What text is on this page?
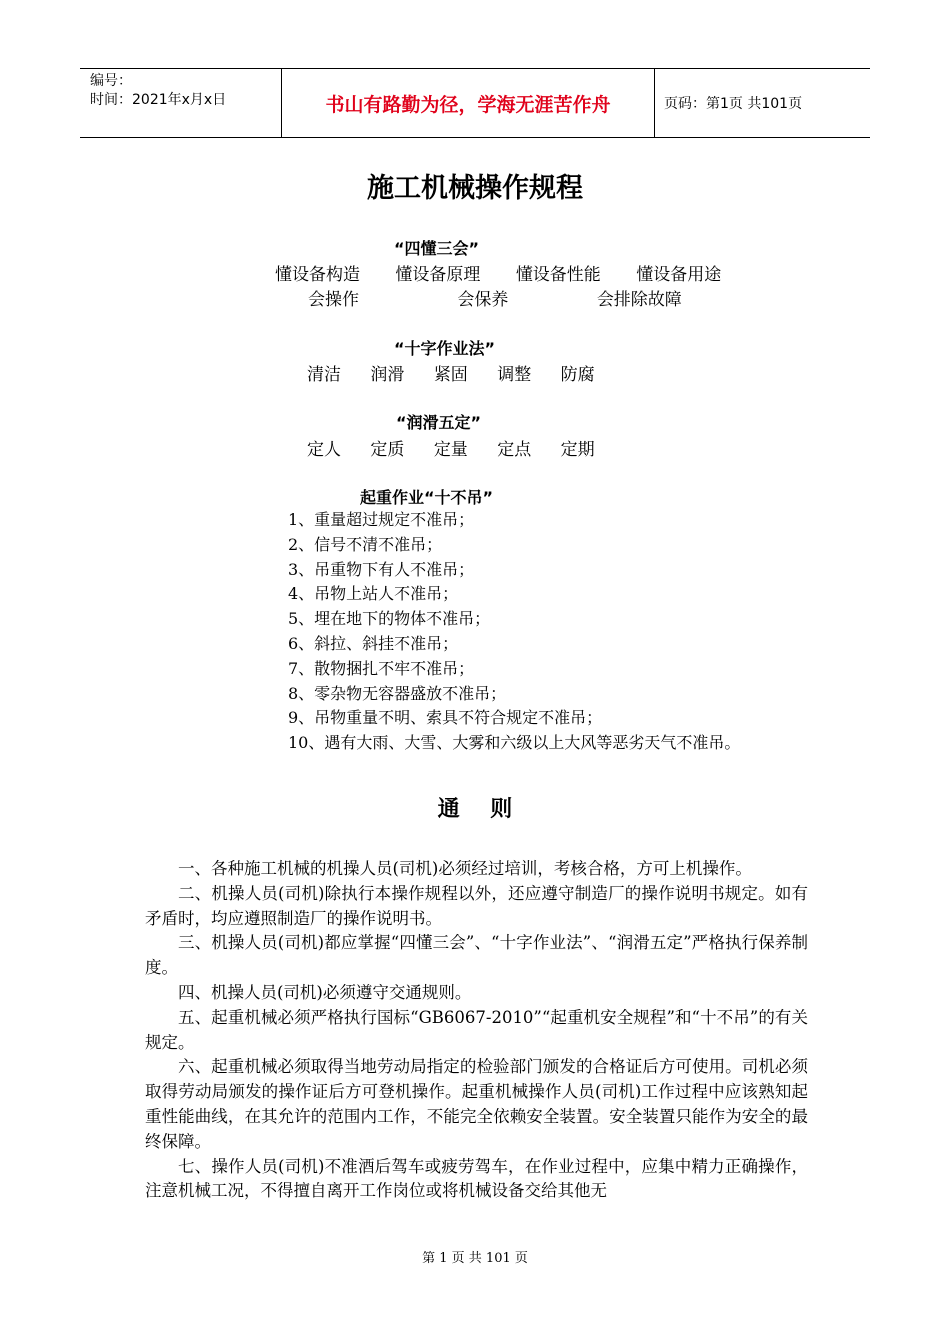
编号：
时间：2021年x月x日	书山有路勤为径，学海无涯苦作舟	页码：第1页 共101页
施工机械操作规程
“四懂三会”
懂设备构造 懂设备原理 懂设备性能 懂设备用途
会操作	会保养	会排除故障
“十字作业法”
清洁 润滑 紧固 调整 防腐
“润滑五定”
定人 定质 定量 定点 定期
起重作业“十不吊”
1、重量超过规定不准吊；
2、信号不清不准吊；
3、吊重物下有人不准吊；
4、吊物上站人不准吊；
5、埋在地下的物体不准吊；
6、斜拉、斜挂不准吊；
7、散物捆扎不牢不准吊；
8、零杂物无容器盛放不准吊；
9、吊物重量不明、索具不符合规定不准吊；
10、遇有大雨、大雪、大雾和六级以上大风等恶劣天气不准吊。
通    则

一、各种施工机械的机操人员(司机)必须经过培训，考核合格，方可上机操作。

二、机操人员(司机)除执行本操作规程以外，还应遵守制造厂的操作说明书规定。如有矛盾时，均应遵照制造厂的操作说明书。

三、机操人员(司机)都应掌握“四懂三会”、“十字作业法”、“润滑五定”严格执行保养制度。

四、机操人员(司机)必须遵守交通规则。

五、起重机械必须严格执行国标“GB6067-2010”“起重机安全规程”和“十不吊”的有关规定。

六、起重机械必须取得当地劳动局指定的检验部门颁发的合格证后方可使用。司机必须取得劳动局颁发的操作证后方可登机操作。起重机械操作人员(司机)工作过程中应该熟知起重性能曲线，在其允许的范围内工作，不能完全依赖安全装置。安全装置只能作为安全的最终保障。

七、操作人员(司机)不准酒后驾车或疲劳驾车，在作业过程中，应集中精力正确操作，注意机械工况，不得擅自离开工作岗位或将机械设备交给其他无

第 1 页 共 101 页
